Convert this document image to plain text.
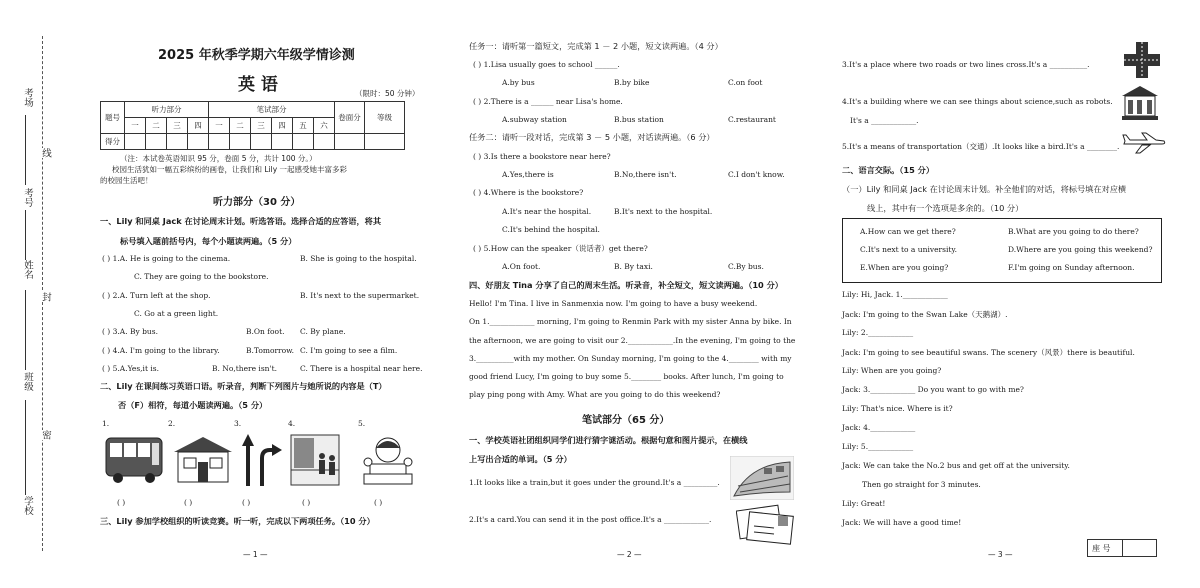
考场
考号
姓名
班级
学校
线
封
密
2025 年秋季学期六年级学情诊测
英 语	（限时：50 分钟）
题号	听力部分				笔试部分						卷面分	等级
	一	二	三	四	一	二	三	四	五	六		
得分												
（注：本试卷英语知识 95 分，卷面 5 分，共计 100 分。）
校园生活犹如一幅五彩缤纷的画卷，让我们和 Lily 一起感受她丰富多彩
的校园生活吧！
听力部分（30 分）
一、Lily 和同桌 Jack 在讨论周末计划。听选答语。选择合适的应答语，将其
标号填入题前括号内，每个小题读两遍。（5 分）
( ) 1.A. He is going to the cinema.	B. She is going to the hospital.
C. They are going to the bookstore.
( ) 2.A. Turn left at the shop.	B. It's next to the supermarket.
C. Go at a green light.
( ) 3.A. By bus.	B.On foot. C. By plane.
( ) 4.A. I'm going to the library.	B.Tomorrow. C. I'm going to see a film.
( ) 5.A.Yes,it is.	B. No,there isn't.	C. There is a hospital near here.
二、Lily 在课间练习英语口语。听录音，判断下列图片与她所说的内容是（T）
否（F）相符，每道小题读两遍。（5 分）
1.	2.	3.	4.	5.
( )	( )	( )	( )	( )
三、Lily 参加学校组织的听读竞赛。听一听，完成以下两项任务。（10 分）
— 1 —
任务一：请听第一篇短文，完成第 1 － 2 小题，短文读两遍。（4 分）
( ) 1.Lisa usually goes to school ______.
A.by bus	B.by bike	C.on foot
( ) 2.There is a ______ near Lisa's home.
A.subway station	B.bus station	C.restaurant
任务二：请听一段对话，完成第 3 － 5 小题，对话读两遍。（6 分）
( ) 3.Is there a bookstore near here?
A.Yes,there is	B.No,there isn't.	C.I don't know.
( ) 4.Where is the bookstore?
A.It's near the hospital.	B.It's next to the hospital.
C.It's behind the hospital.
( ) 5.How can the speaker（说话者）get there?
A.On foot.	B. By taxi.	C.By bus.
四、好朋友 Tina 分享了自己的周末生活。听录音，补全短文，短文读两遍。（10 分）
Hello! I'm Tina. I live in Sanmenxia now. I'm going to have a busy weekend.
On 1.____________ morning, I'm going to Renmin Park with my sister Anna by bike. In
the afternoon, we are going to visit our 2.____________.In the evening, I'm going to the
3.__________with my mother. On Sunday morning, I'm going to the 4.________ with my
good friend Lucy, I'm going to buy some 5.________ books. After lunch, I'm going to
play ping pong with Amy. What are you going to do this weekend?
笔试部分（65 分）
一、学校英语社团组织同学们进行猜字谜活动。根据句意和图片提示，在横线
上写出合适的单词。（5 分）
1.It looks like a train,but it goes under the ground.It's a _________.
2.It's a card.You can send it in the post office.It's a ____________.
— 2 —
3.It's a place where two roads or two lines cross.It's a __________.
4.It's a building where we can see things about science,such as robots.
It's a ____________.
5.It's a means of transportation（交通）.It looks like a bird.It's a ________.
二、语言交际。（15 分）
（一）Lily 和同桌 Jack 在讨论周末计划。补全他们的对话，将标号填在对应横
线上，其中有一个选项是多余的。（10 分）
A.How can we get there?	B.What are you going to do there?
C.It's next to a university.	D.Where are you going this weekend?
E.When are you going?	F.I'm going on Sunday afternoon.
Lily: Hi, Jack. 1.____________
Jack: I'm going to the Swan Lake（天鹅湖）.
Lily: 2.____________
Jack: I'm going to see beautiful swans. The scenery（风景）there is beautiful.
Lily: When are you going?
Jack: 3.____________ Do you want to go with me?
Lily: That's nice. Where is it?
Jack: 4.____________
Lily: 5.____________
Jack: We can take the No.2 bus and get off at the university.
Then go straight for 3 minutes.
Lily: Great!
Jack: We will have a good time!
— 3 —
座 号
